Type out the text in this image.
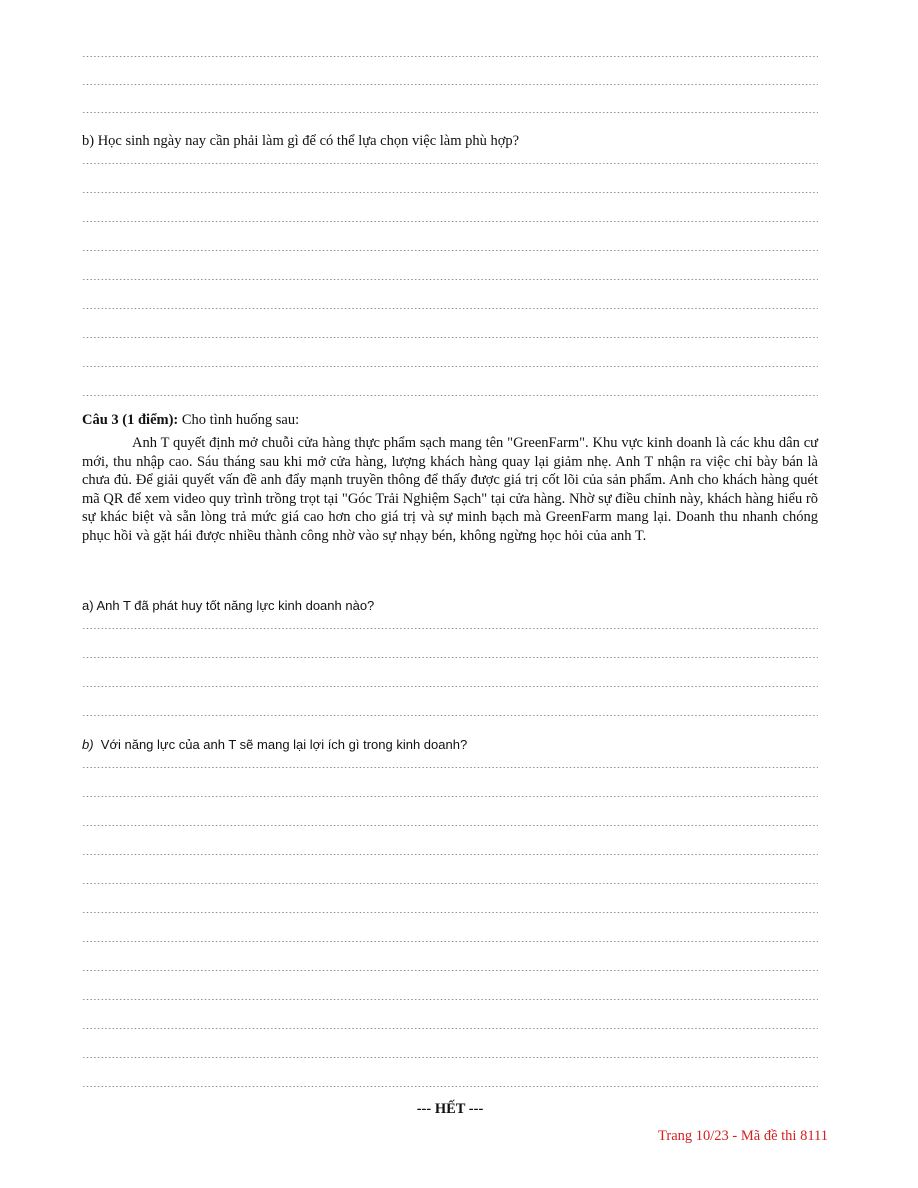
b) Học sinh ngày nay cần phải làm gì để có thể lựa chọn việc làm phù hợp?
Câu 3 (1 điểm): Cho tình huống sau:
Anh T quyết định mở chuỗi cửa hàng thực phẩm sạch mang tên "GreenFarm". Khu vực kinh doanh là các khu dân cư mới, thu nhập cao. Sáu tháng sau khi mở cửa hàng, lượng khách hàng quay lại giảm nhẹ. Anh T nhận ra việc chỉ bày bán là chưa đủ. Để giải quyết vấn đề anh đẩy mạnh truyền thông để thấy được giá trị cốt lõi của sản phẩm. Anh cho khách hàng quét mã QR để xem video quy trình trồng trọt tại "Góc Trải Nghiệm Sạch" tại cửa hàng. Nhờ sự điều chỉnh này, khách hàng hiểu rõ sự khác biệt và sẵn lòng trả mức giá cao hơn cho giá trị và sự minh bạch mà GreenFarm mang lại. Doanh thu nhanh chóng phục hồi và gặt hái được nhiều thành công nhờ vào sự nhạy bén, không ngừng học hỏi của anh T.
a) Anh T đã phát huy tốt năng lực kinh doanh nào?
b) Với năng lực của anh T sẽ mang lại lợi ích gì trong kinh doanh?
--- HẾT ---
Trang 10/23 - Mã đề thi 8111
